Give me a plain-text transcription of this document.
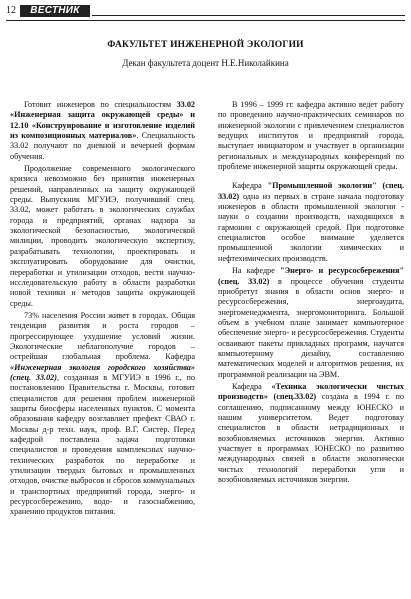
12	ВЕСТНИК МГУИЭ
ФАКУЛЬТЕТ ИНЖЕНЕРНОЙ ЭКОЛОГИИ
Декан факультета доцент Н.Е.Николайкина

Готовит инженеров по специальностям 33.02 «Инженерная защита окружающей среды» и 12.10 «Конструирование и изготовление изделий из композиционных материалов». Специальность 33.02 получают по дневной и вечерней формам обучения.

Продолжение современного экологического кризиса невозможно без принятия инженерных решений, направленных на защиту окружающей среды. Выпускник МГУИЭ, получивший спец. 33.02, может работать в экологических службах города и предприятий, органах надзора за экологической безопасностью, экологической милиции, проводить экологическую экспертизу, разрабатывать технологии, проектировать и эксплуатировать оборудование для очистки, переработки и утилизации отходов, вести научно-исследовательскую работу в области разработки новой техники и методов защиты окружающей среды.

73% населения России живет в городах. Общая тенденция развития и роста городов – прогрессирующее ухудшение условий жизни. Экологические неблагополучие городов – острейшая глобальная проблема. Кафедра «Инженерная экология городского хозяйства» (спец. 33.02), созданная в МГУИЭ в 1996 г., по постановлению Правительства г. Москвы, готовит специалистов для решения проблем инженерной защиты биосферы населенных пунктов. С момента образования кафедру возглавляет префект СВАО г. Москвы д-р техн. наук, проф. В.Г. Систер. Перед кафедрой поставлена задача подготовки специалистов и проведения комплексных научно-технических разработок по переработке и утилизации твердых бытовых и промышленных отходов, очистке выбросов и сбросов коммунальных и транспортных предприятий города, энерго- и ресурсосбережению, водо- и газоснабжению, хранению продуктов питания.

В 1996 – 1999 гг. кафедра активно ведет работу по проведению научно-практических семинаров по инженерной экологии с привлечением специалистов ведущих институтов и предприятий города, выступает инициатором и участвует в организации региональных и международных конференций по проблеме инженерной защиты окружающей среды.

Кафедра "Промышленной экологии" (спец. 33.02) одна из первых в стране начала подготовку инженеров в области промышленной экологии - науки о создании производств, находящихся в гармонии с окружающей средой. При подготовке специалистов особое внимание уделяется промышленной экологии химических и нефтехимических производств.

На кафедре "Энерго- и ресурсосбережения" (спец. 33.02) в процессе обучения студенты приобретут знания в области основ энерго- и ресурсосбережения, энергоаудита, энергоменеджмента, энергомониторинга. Большой объем в учебном плане занимает компьютерное обеспечение энерго- и ресурсосбережения. Студенты осваивают пакеты прикладных программ, научатся компьютерному дизайну, составлению математических моделей и алгоритмов решения, их программной реализации на ЭВМ.

Кафедра «Техника экологически чистых производств» (спец.33.02) создана в 1994 г. по соглашению, подписанному между ЮНЕСКО и нашим университетом. Ведет подготовку специалистов в области нетрадиционных и возобновляемых источников энергии. Активно участвует в программах ЮНЕСКО по развитию международных связей в области экологически чистых технологий переработки угля и возобновляемых источников энергии.
